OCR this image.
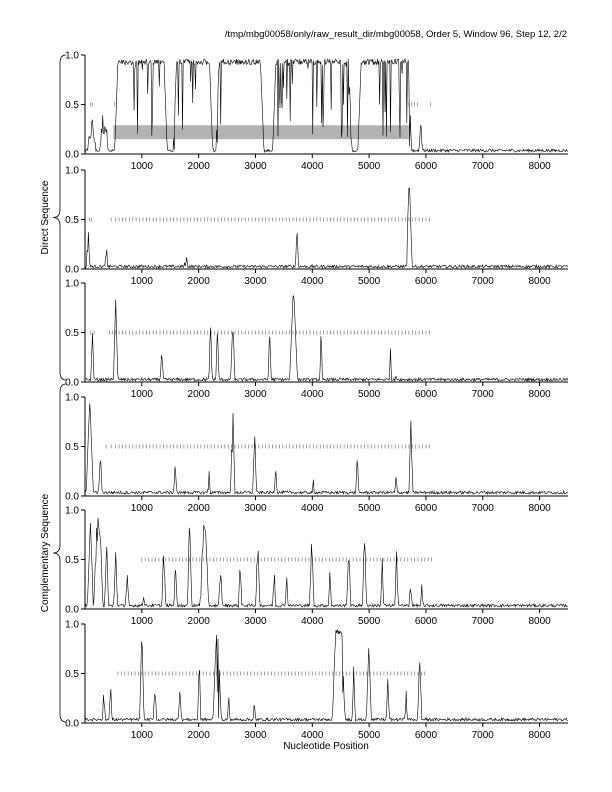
/tmp/mbg00058/only/raw_result_dir/mbg00058, Order 5, Window 96, Step 12, 2/2
0.0
0.5
1.0
1000	2000	3000	4000	5000	6000	7000	8000
0.0
0.5
1.0
1000	2000	3000	4000	5000	6000	7000	8000
0.0
0.5
1.0
1000	2000	3000	4000	5000	6000	7000	8000
0.0
0.5
1.0
1000	2000	3000	4000	5000	6000	7000	8000
0.0
0.5
1.0
1000	2000	3000	4000	5000	6000	7000	8000
0.0
0.5
1.0
1000	2000	3000	4000	5000	6000	7000	8000
Direct Sequence
Complementary Sequence
Nucleotide Position
